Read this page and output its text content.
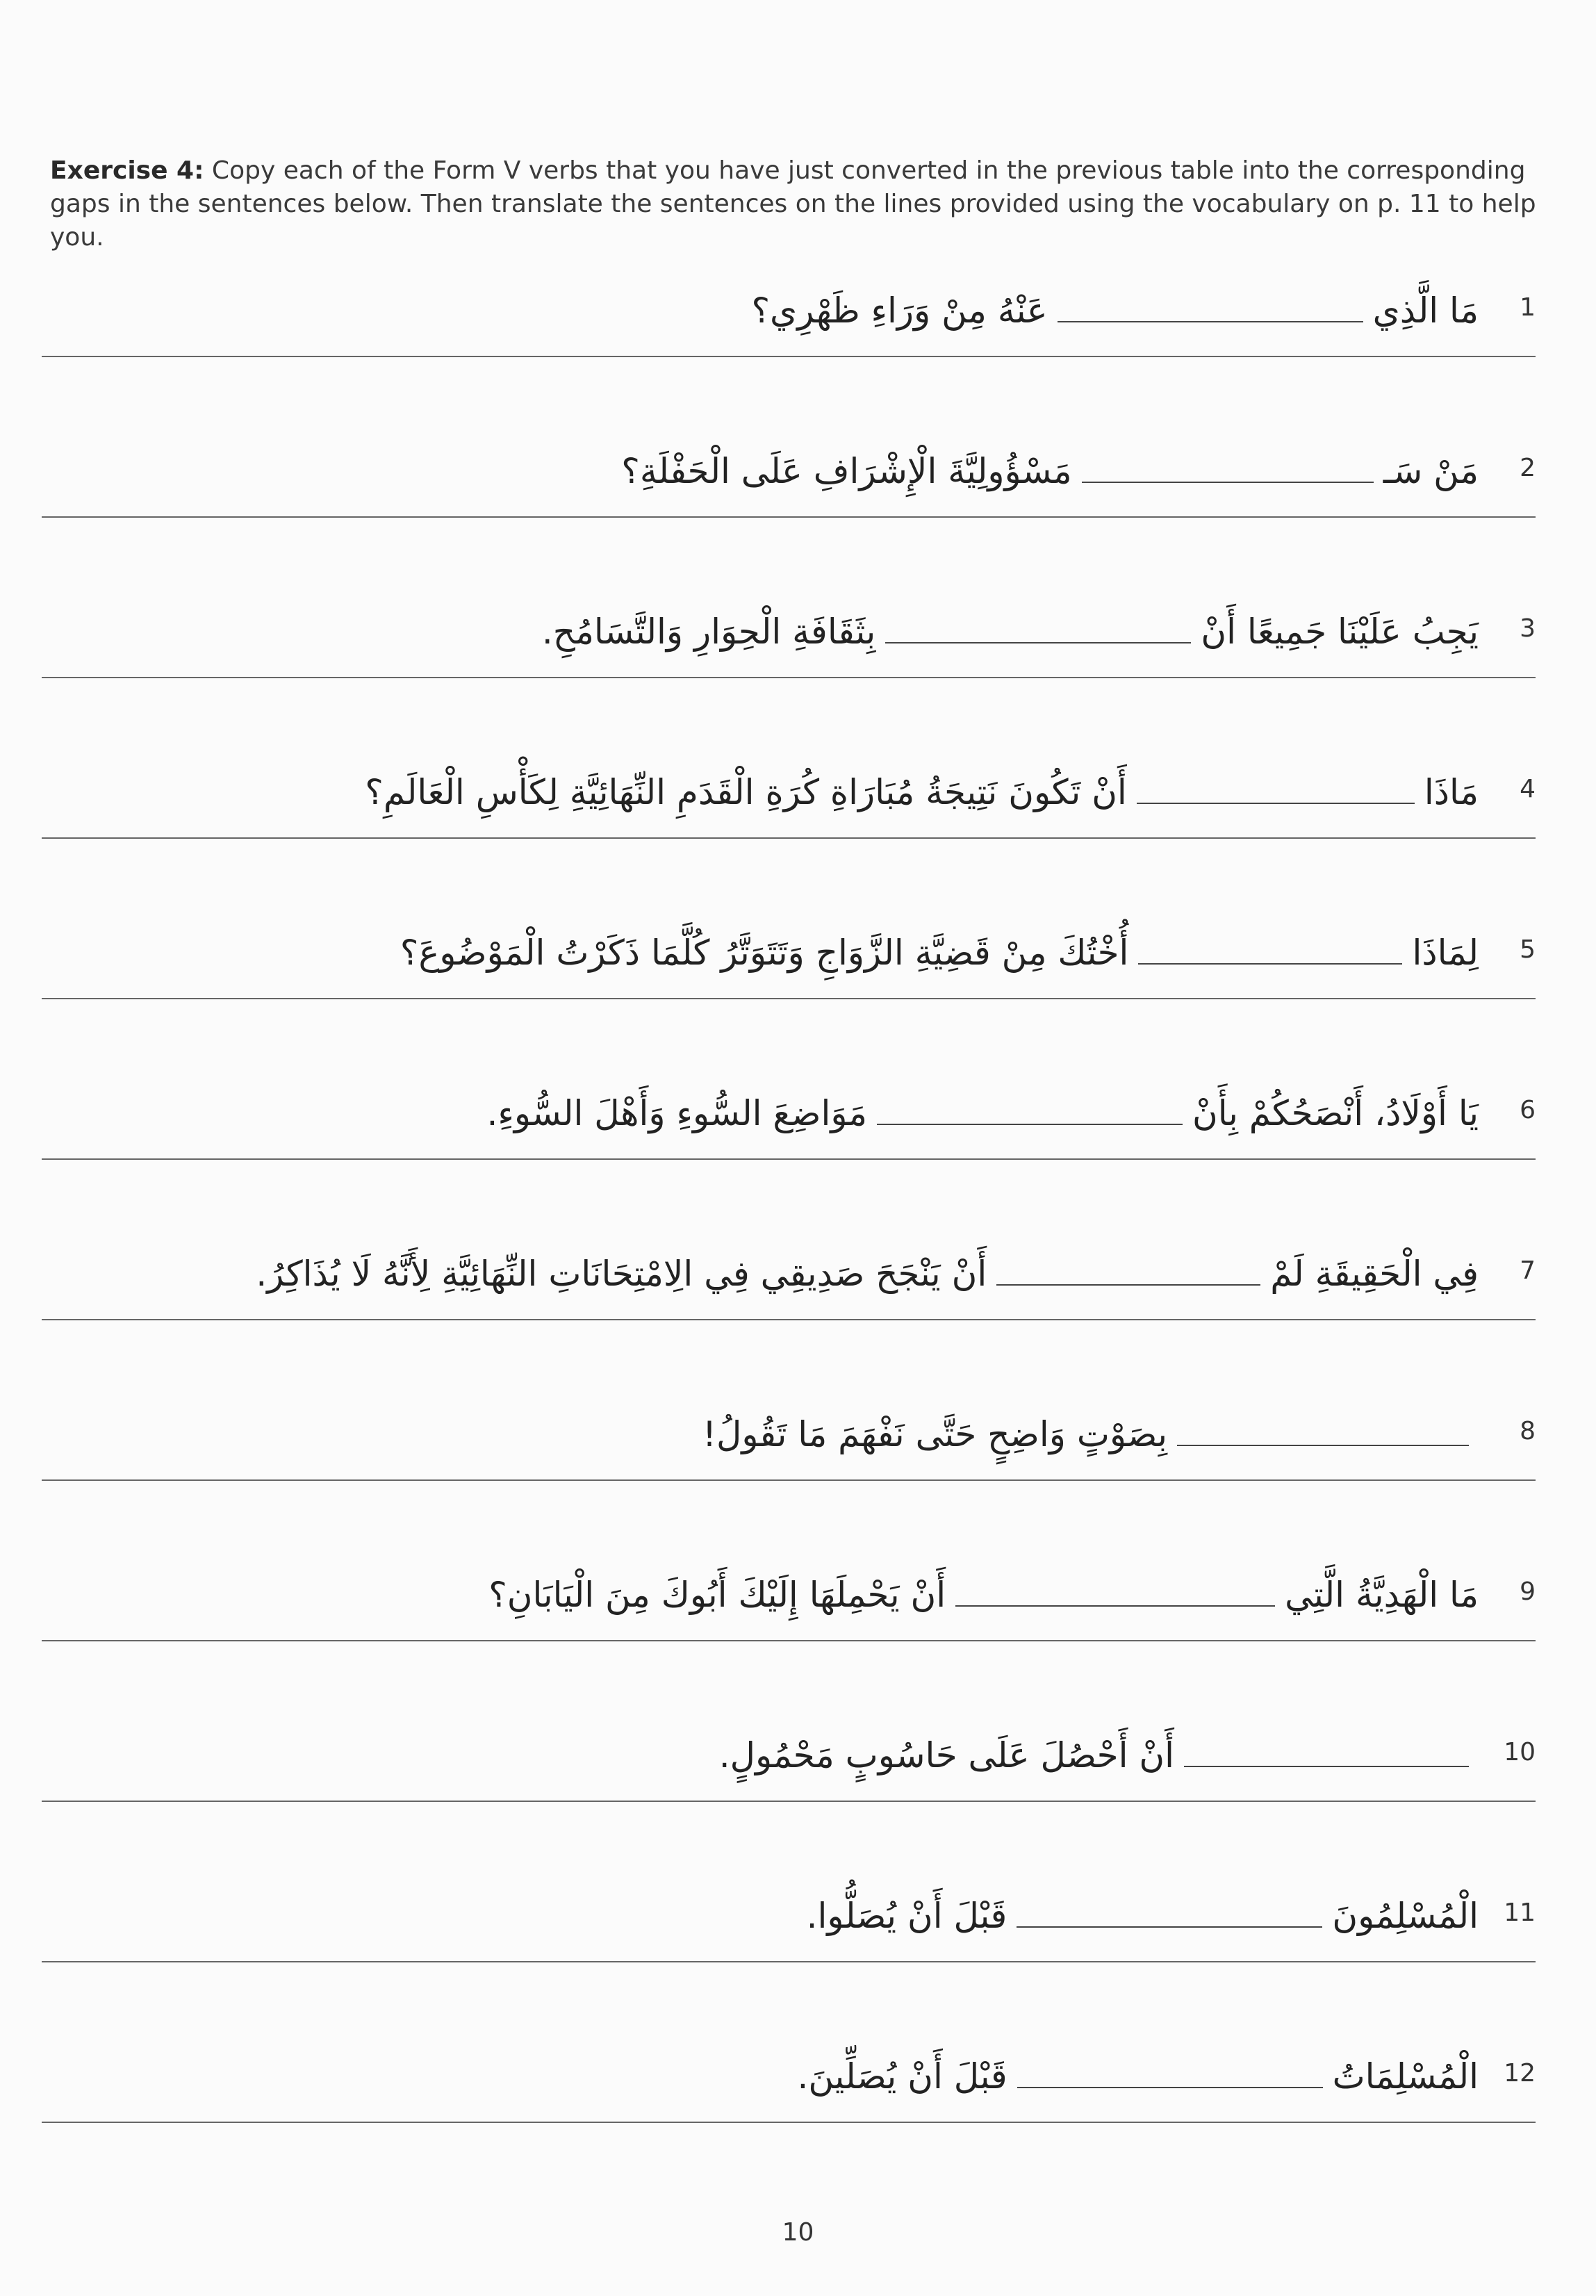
Exercise 4: Copy each of the Form V verbs that you have just converted in the previous table into the corresponding gaps in the sentences below. Then translate the sentences on the lines provided using the vocabulary on p. 11 to help you.
1
مَا الَّذِيعَنْهُ مِنْ وَرَاءِ ظَهْرِي؟
2
مَنْ سَـمَسْؤُولِيَّةَ الْإِشْرَافِ عَلَى الْحَفْلَةِ؟
3
يَجِبُ عَلَيْنَا جَمِيعًا أَنْبِثَقَافَةِ الْحِوَارِ وَالتَّسَامُحِ.
4
مَاذَاأَنْ تَكُونَ نَتِيجَةُ مُبَارَاةِ كُرَةِ الْقَدَمِ النِّهَائِيَّةِ لِكَأْسِ الْعَالَمِ؟
5
لِمَاذَاأُخْتُكَ مِنْ قَضِيَّةِ الزَّوَاجِ وَتَتَوَتَّرُ كُلَّمَا ذَكَرْتُ الْمَوْضُوعَ؟
6
يَا أَوْلَادُ، أَنْصَحُكُمْ بِأَنْمَوَاضِعَ السُّوءِ وَأَهْلَ السُّوءِ.
7
فِي الْحَقِيقَةِ لَمْأَنْ يَنْجَحَ صَدِيقِي فِي الِامْتِحَانَاتِ النِّهَائِيَّةِ لِأَنَّهُ لَا يُذَاكِرُ.
8
بِصَوْتٍ وَاضِحٍ حَتَّى نَفْهَمَ مَا تَقُولُ!
9
مَا الْهَدِيَّةُ الَّتِيأَنْ يَحْمِلَهَا إِلَيْكَ أَبُوكَ مِنَ الْيَابَانِ؟
10
أَنْ أَحْصُلَ عَلَى حَاسُوبٍ مَحْمُولٍ.
11
الْمُسْلِمُونَقَبْلَ أَنْ يُصَلُّوا.
12
الْمُسْلِمَاتُقَبْلَ أَنْ يُصَلِّينَ.
10
